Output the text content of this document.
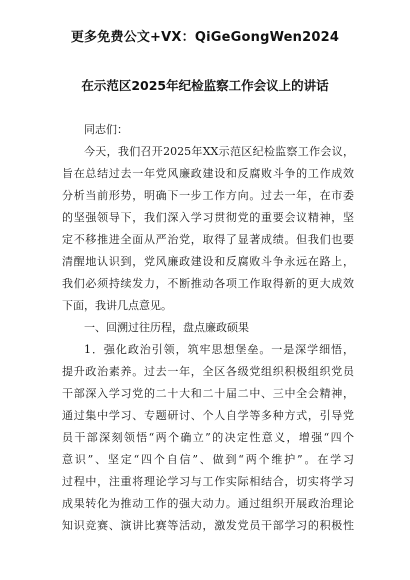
更多免费公文+VX：QiGeGongWen2024
在示范区2025年纪检监察工作会议上的讲话
同志们：
今天，我们召开2025年XX示范区纪检监察工作会议，
旨在总结过去一年党风廉政建设和反腐败斗争的工作成效
分析当前形势，明确下一步工作方向。过去一年，在市委
的坚强领导下，我们深入学习贯彻党的重要会议精神，坚
定不移推进全面从严治党，取得了显著成绩。但我们也要
清醒地认识到，党风廉政建设和反腐败斗争永远在路上，
我们必须持续发力，不断推动各项工作取得新的更大成效
下面，我讲几点意见。
一、回溯过往历程，盘点廉政硕果
1．强化政治引领，筑牢思想堡垒。一是深学细悟，
提升政治素养。过去一年，全区各级党组织积极组织党员
干部深入学习党的二十大和二十届二中、三中全会精神，
通过集中学习、专题研讨、个人自学等多种方式，引导党
员干部深刻领悟“两个确立”的决定性意义，增强“四个
意识”、坚定“四个自信”、做到“两个维护”。在学习
过程中，注重将理论学习与工作实际相结合，切实将学习
成果转化为推动工作的强大动力。通过组织开展政治理论
知识竞赛、演讲比赛等活动，激发党员干部学习的积极性
